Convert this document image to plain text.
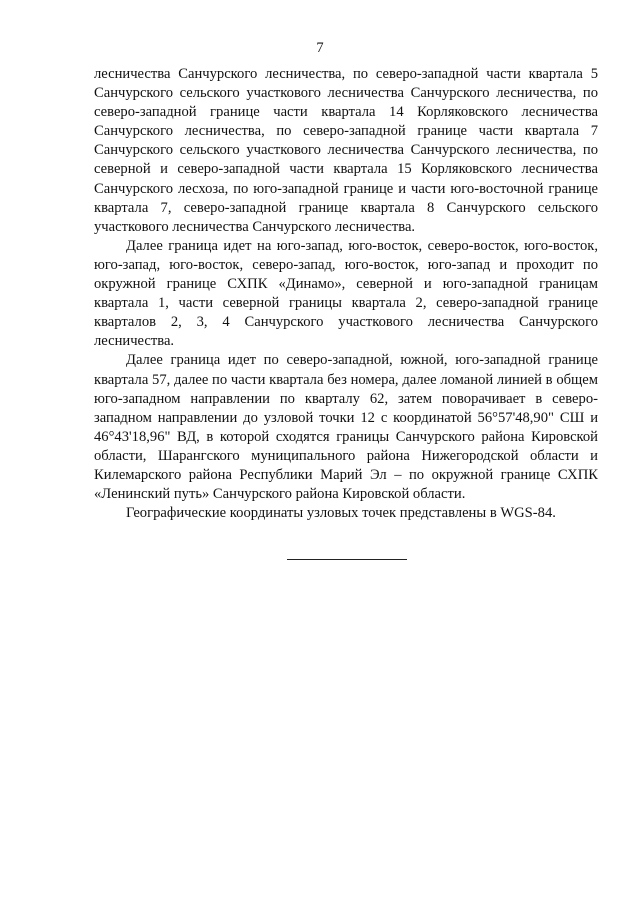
7

лесничества Санчурского лесничества, по северо-западной части квартала 5 Санчурского сельского участкового лесничества Санчурского лесничества, по северо-западной границе части квартала 14 Корляковского лесничества Санчурского лесничества, по северо-западной границе части квартала 7 Санчурского сельского участкового лесничества Санчурского лесничества, по северной и северо-западной части квартала 15 Корляковского лесничества Санчурского лесхоза, по юго-западной границе и части юго-восточной границе квартала 7, северо-западной границе квартала 8 Санчурского сельского участкового лесничества Санчурского лесничества.

Далее граница идет на юго-запад, юго-восток, северо-восток, юго-восток, юго-запад, юго-восток, северо-запад, юго-восток, юго-запад и проходит по окружной границе СХПК «Динамо», северной и юго-западной границам квартала 1, части северной границы квартала 2, северо-западной границе кварталов 2, 3, 4 Санчурского участкового лесничества Санчурского лесничества.

Далее граница идет по северо-западной, южной, юго-западной границе квартала 57, далее по части квартала без номера, далее ломаной линией в общем юго-западном направлении по кварталу 62, затем поворачивает в северо-западном направлении до узловой точки 12 с координатой 56°57'48,90" СШ и 46°43'18,96" ВД, в которой сходятся границы Санчурского района Кировской области, Шарангского муниципального района Нижегородской области и Килемарского района Республики Марий Эл – по окружной границе СХПК «Ленинский путь» Санчурского района Кировской области.

Географические координаты узловых точек представлены в WGS-84.
